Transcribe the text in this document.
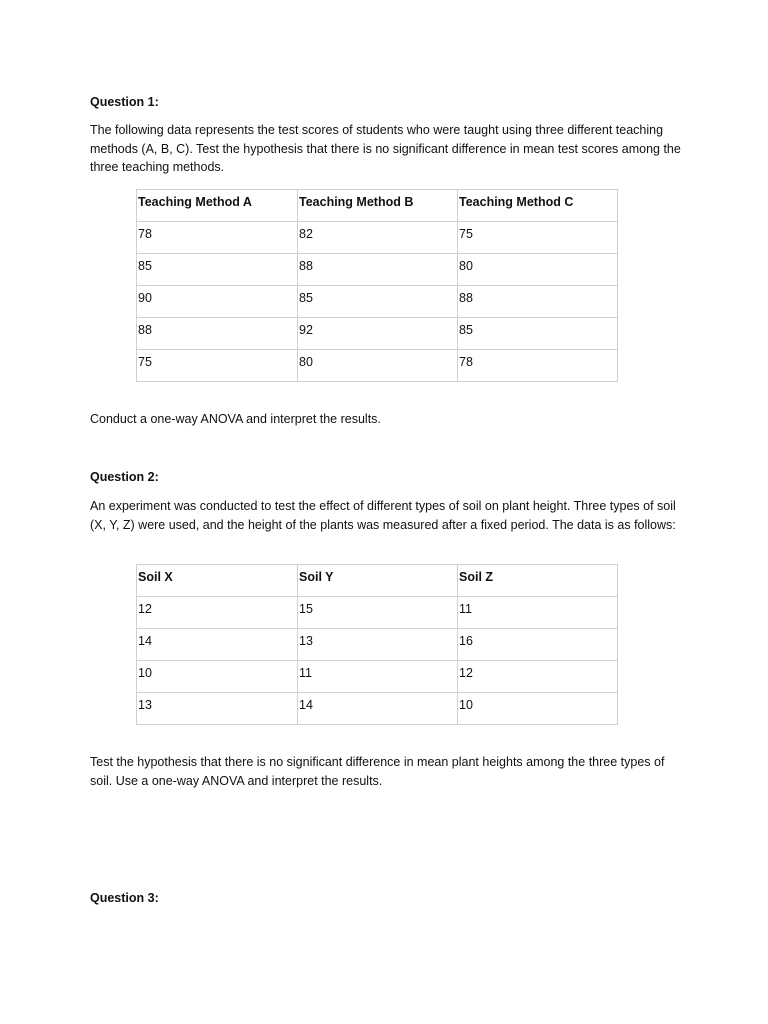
Question 1:

The following data represents the test scores of students who were taught using three different teaching methods (A, B, C). Test the hypothesis that there is no significant difference in mean test scores among the three teaching methods.

Teaching Method A	Teaching Method B	Teaching Method C
78	82	75
85	88	80
90	85	88
88	92	85
75	80	78

Conduct a one-way ANOVA and interpret the results.

Question 2:

An experiment was conducted to test the effect of different types of soil on plant height. Three types of soil (X, Y, Z) were used, and the height of the plants was measured after a fixed period. The data is as follows:

Soil X	Soil Y	Soil Z
12	15	11
14	13	16
10	11	12
13	14	10

Test the hypothesis that there is no significant difference in mean plant heights among the three types of soil. Use a one-way ANOVA and interpret the results.

Question 3:
